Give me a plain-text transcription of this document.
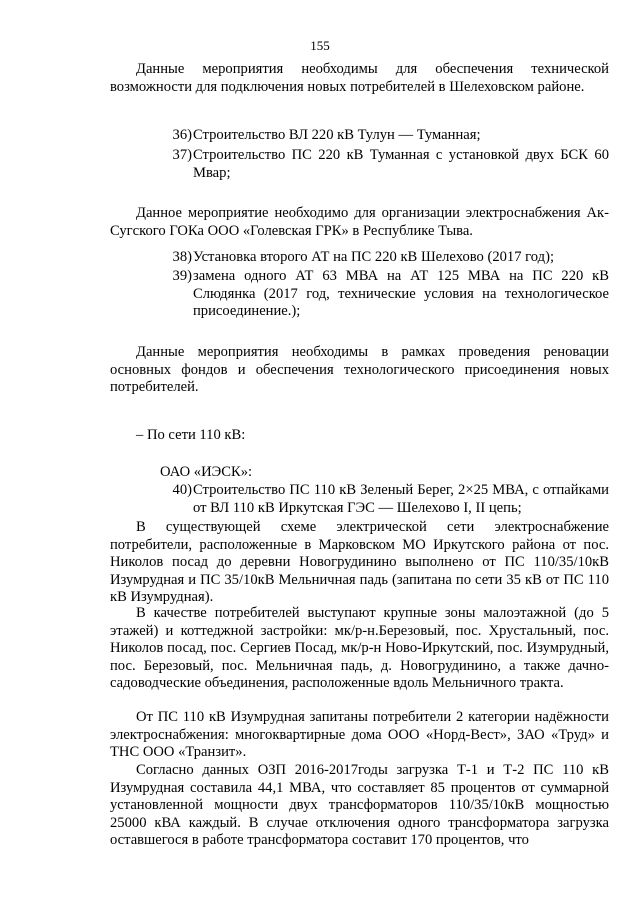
155
Данные мероприятия необходимы для обеспечения технической возможности для подключения новых потребителей в Шелеховском районе.
36) Строительство ВЛ 220 кВ Тулун — Туманная;
37) Строительство ПС 220 кВ Туманная с установкой двух БСК 60 Мвар;
Данное мероприятие необходимо для организации электроснабжения Ак-Сугского ГОКа ООО «Голевская ГРК» в Республике Тыва.
38) Установка второго АТ на ПС 220 кВ Шелехово (2017 год);
39) замена одного АТ 63 МВА на АТ 125 МВА на ПС 220 кВ Слюдянка (2017 год, технические условия на технологическое присоединение.);
Данные мероприятия необходимы в рамках проведения реновации основных фондов и обеспечения технологического присоединения новых потребителей.
– По сети 110 кВ:
ОАО «ИЭСК»:
40) Строительство ПС 110 кВ Зеленый Берег, 2×25 МВА, с отпайками от ВЛ 110 кВ Иркутская ГЭС — Шелехово I, II цепь;
В существующей схеме электрической сети электроснабжение потребители, расположенные в Марковском МО Иркутского района от пос. Николов посад до деревни Новогрудинино выполнено от ПС 110/35/10кВ Изумрудная и ПС 35/10кВ Мельничная падь (запитана по сети 35 кВ от ПС 110 кВ Изумрудная).
В качестве потребителей выступают крупные зоны малоэтажной (до 5 этажей) и коттеджной застройки: мк/р-н.Березовый, пос. Хрустальный, пос. Николов посад, пос. Сергиев Посад, мк/р-н Ново-Иркутский, пос. Изумрудный, пос. Березовый, пос. Мельничная падь, д. Новогрудинино, а также дачно-садоводческие объединения, расположенные вдоль Мельничного тракта.
От ПС 110 кВ Изумрудная запитаны потребители 2 категории надёжности электроснабжения: многоквартирные дома ООО «Норд-Вест», ЗАО «Труд» и ТНС ООО «Транзит».
Согласно данных ОЗП 2016-2017годы загрузка Т-1 и Т-2 ПС 110 кВ Изумрудная составила 44,1 МВА, что составляет 85 процентов от суммарной установленной мощности двух трансформаторов 110/35/10кВ мощностью 25000 кВА каждый. В случае отключения одного трансформатора загрузка оставшегося в работе трансформатора составит 170 процентов, что
